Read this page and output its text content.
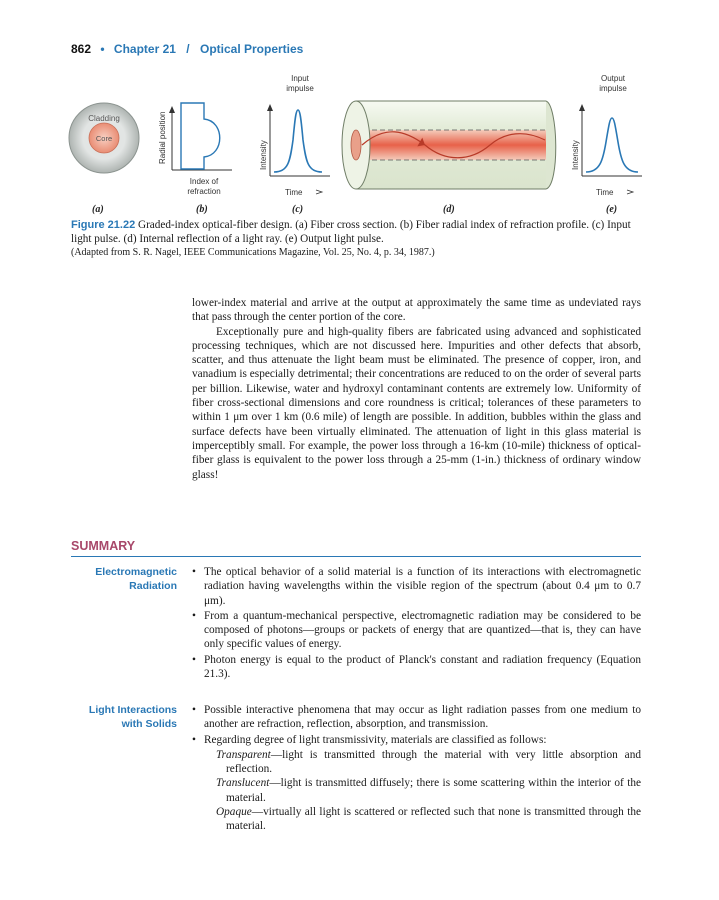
862 • Chapter 21 / Optical Properties
Cladding
Core
(a)
Radial position
Index of
refraction
(b)
Input
impulse
Intensity
Time
(c)	(d)
Output
impulse
Intensity
Time
(e)
Figure 21.22 Graded-index optical-fiber design. (a) Fiber cross section. (b) Fiber radial index of refraction profile. (c) Input light pulse. (d) Internal reflection of a light ray. (e) Output light pulse.
(Adapted from S. R. Nagel, IEEE Communications Magazine, Vol. 25, No. 4, p. 34, 1987.)

lower-index material and arrive at the output at approximately the same time as undeviated rays that pass through the center portion of the core.

Exceptionally pure and high-quality fibers are fabricated using advanced and sophisticated processing techniques, which are not discussed here. Impurities and other defects that absorb, scatter, and thus attenuate the light beam must be eliminated. The presence of copper, iron, and vanadium is especially detrimental; their concentrations are reduced to on the order of several parts per billion. Likewise, water and hydroxyl contaminant contents are extremely low. Uniformity of fiber cross-sectional dimensions and core roundness is critical; tolerances of these parameters to within 1 μm over 1 km (0.6 mile) of length are possible. In addition, bubbles within the glass and surface defects have been virtually eliminated. The attenuation of light in this glass material is imperceptibly small. For example, the power loss through a 16-km (10-mile) thickness of optical-fiber glass is equivalent to the power loss through a 25-mm (1-in.) thickness of ordinary window glass!

SUMMARY
Electromagnetic
Radiation
• The optical behavior of a solid material is a function of its interactions with electromagnetic radiation having wavelengths within the visible region of the spectrum (about 0.4 μm to 0.7 μm).
• From a quantum-mechanical perspective, electromagnetic radiation may be considered to be composed of photons—groups or packets of energy that are quantized—that is, they can have only specific values of energy.
• Photon energy is equal to the product of Planck's constant and radiation frequency (Equation 21.3).
Light Interactions
with Solids
• Possible interactive phenomena that may occur as light radiation passes from one medium to another are refraction, reflection, absorption, and transmission.
• Regarding degree of light transmissivity, materials are classified as follows:
Transparent—light is transmitted through the material with very little absorption and reflection.
Translucent—light is transmitted diffusely; there is some scattering within the interior of the material.
Opaque—virtually all light is scattered or reflected such that none is transmitted through the material.
